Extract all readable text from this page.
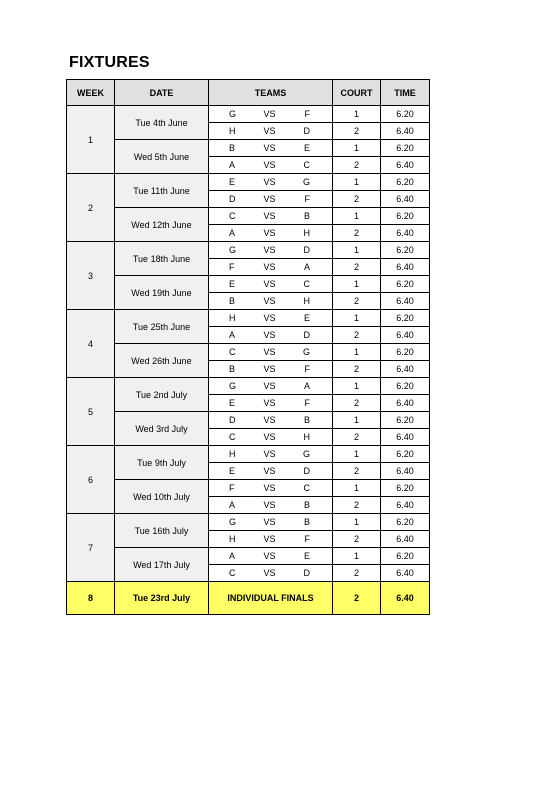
FIXTURES
WEEK	DATE	TEAMS	COURT	TIME
1	Tue 4th June	G VS F	1	6.20

		H VS D	2	6.40
	Wed 5th June	B VS E	1	6.20

		A VS C	2	6.40
2	Tue 11th June	E VS G	1	6.20

		D VS F	2	6.40
	Wed 12th June	C VS B	1	6.20

		A VS H	2	6.40
3	Tue 18th June	G VS D	1	6.20

		F VS A	2	6.40
	Wed 19th June	E VS C	1	6.20

		B VS H	2	6.40
4	Tue 25th June	H VS E	1	6.20

		A VS D	2	6.40
	Wed 26th June	C VS G	1	6.20

		B VS F	2	6.40
5	Tue 2nd July	G VS A	1	6.20

		E VS F	2	6.40
	Wed 3rd July	D VS B	1	6.20

		C VS H	2	6.40
6	Tue 9th July	H VS G	1	6.20

		E VS D	2	6.40
	Wed 10th July	F VS C	1	6.20

		A VS B	2	6.40
7	Tue 16th July	G VS B	1	6.20

		H VS F	2	6.40
	Wed 17th July	A VS E	1	6.20

		C VS D	2	6.40
8	Tue 23rd July	INDIVIDUAL FINALS	2	6.40
